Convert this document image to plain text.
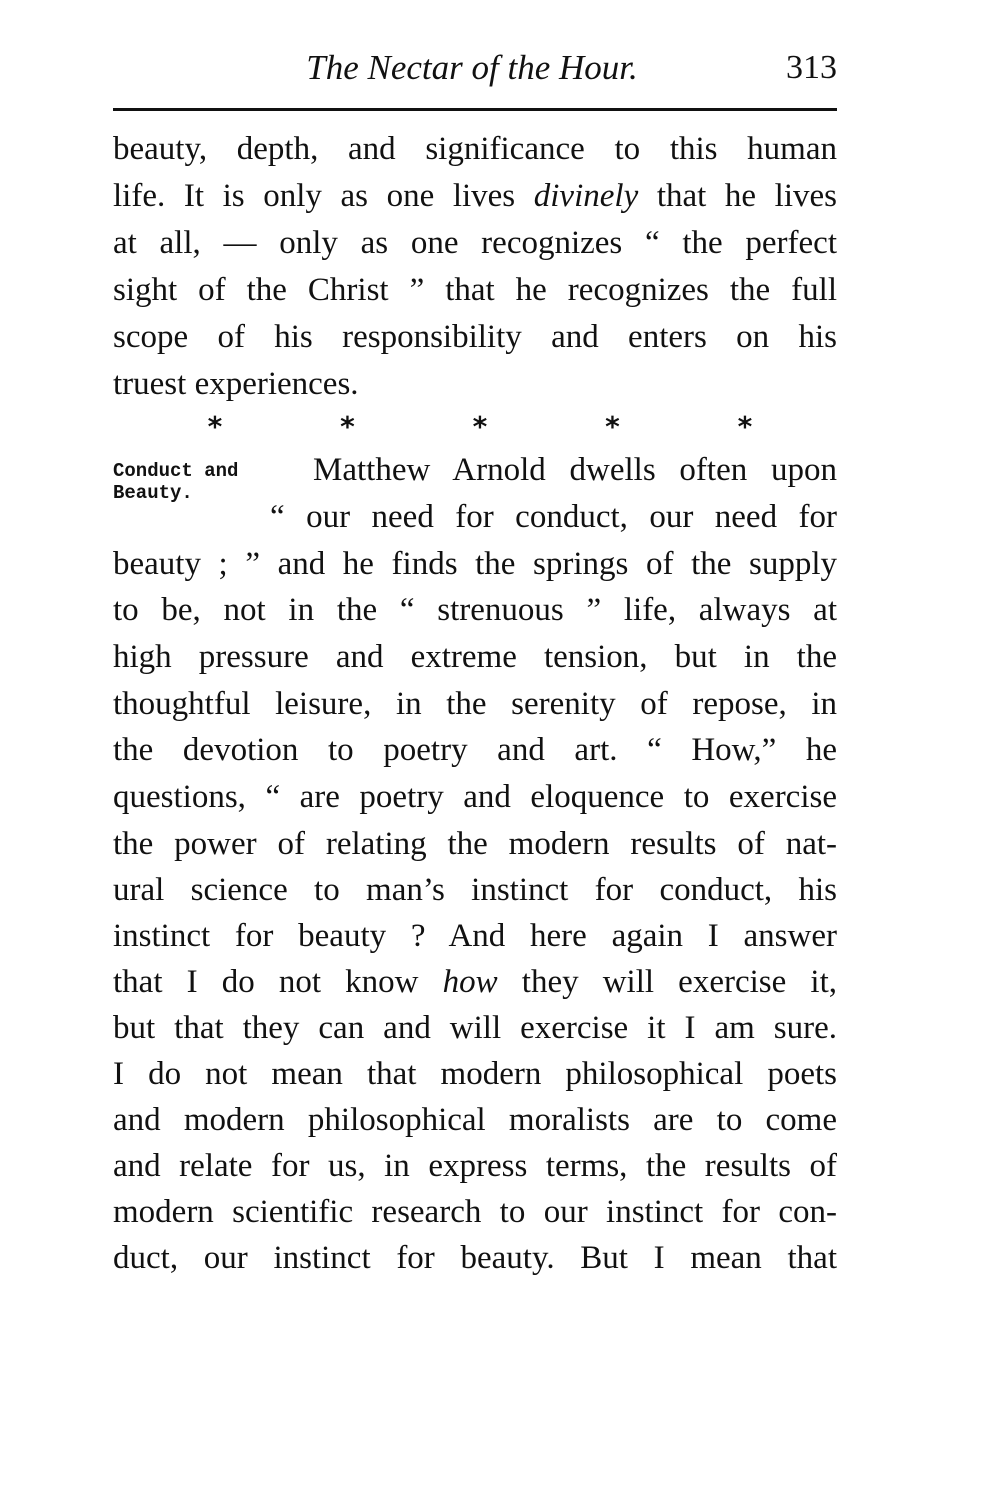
The Nectar of the Hour.	313
beauty, depth, and significance to this human
life. It is only as one lives divinely that he lives
at all, — only as one recognizes “ the perfect
sight of the Christ ” that he recognizes the full
scope of his responsibility and enters on his
truest experiences.
*	*	*	*	*
Conduct and
Beauty.
Matthew Arnold dwells often upon
“ our need for conduct, our need for
beauty ; ” and he finds the springs of the supply
to be, not in the “ strenuous ” life, always at
high pressure and extreme tension, but in the
thoughtful leisure, in the serenity of repose, in
the devotion to poetry and art. “ How,” he
questions, “ are poetry and eloquence to exercise
the power of relating the modern results of nat-
ural science to man’s instinct for conduct, his
instinct for beauty ? And here again I answer
that I do not know how they will exercise it,
but that they can and will exercise it I am sure.
I do not mean that modern philosophical poets
and modern philosophical moralists are to come
and relate for us, in express terms, the results of
modern scientific research to our instinct for con-
duct, our instinct for beauty. But I mean that
